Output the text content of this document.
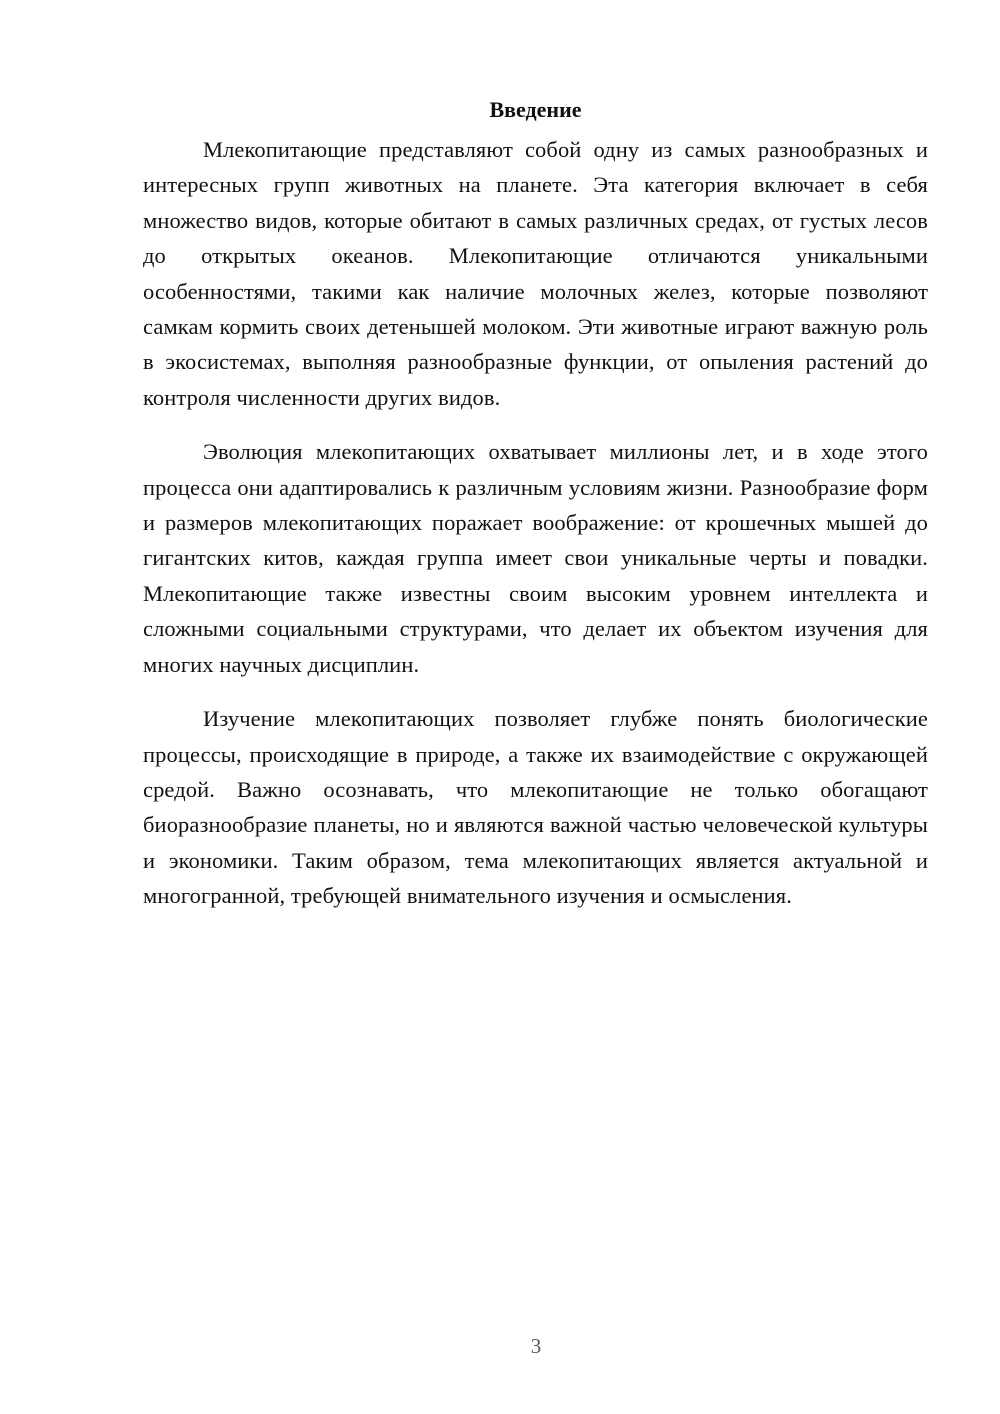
Введение

Млекопитающие представляют собой одну из самых разнообразных и интересных групп животных на планете. Эта категория включает в себя множество видов, которые обитают в самых различных средах, от густых лесов до открытых океанов. Млекопитающие отличаются уникальными особенностями, такими как наличие молочных желез, которые позволяют самкам кормить своих детенышей молоком. Эти животные играют важную роль в экосистемах, выполняя разнообразные функции, от опыления растений до контроля численности других видов.

Эволюция млекопитающих охватывает миллионы лет, и в ходе этого процесса они адаптировались к различным условиям жизни. Разнообразие форм и размеров млекопитающих поражает воображение: от крошечных мышей до гигантских китов, каждая группа имеет свои уникальные черты и повадки. Млекопитающие также известны своим высоким уровнем интеллекта и сложными социальными структурами, что делает их объектом изучения для многих научных дисциплин.

Изучение млекопитающих позволяет глубже понять биологические процессы, происходящие в природе, а также их взаимодействие с окружающей средой. Важно осознавать, что млекопитающие не только обогащают биоразнообразие планеты, но и являются важной частью человеческой культуры и экономики. Таким образом, тема млекопитающих является актуальной и многогранной, требующей внимательного изучения и осмысления.

3
